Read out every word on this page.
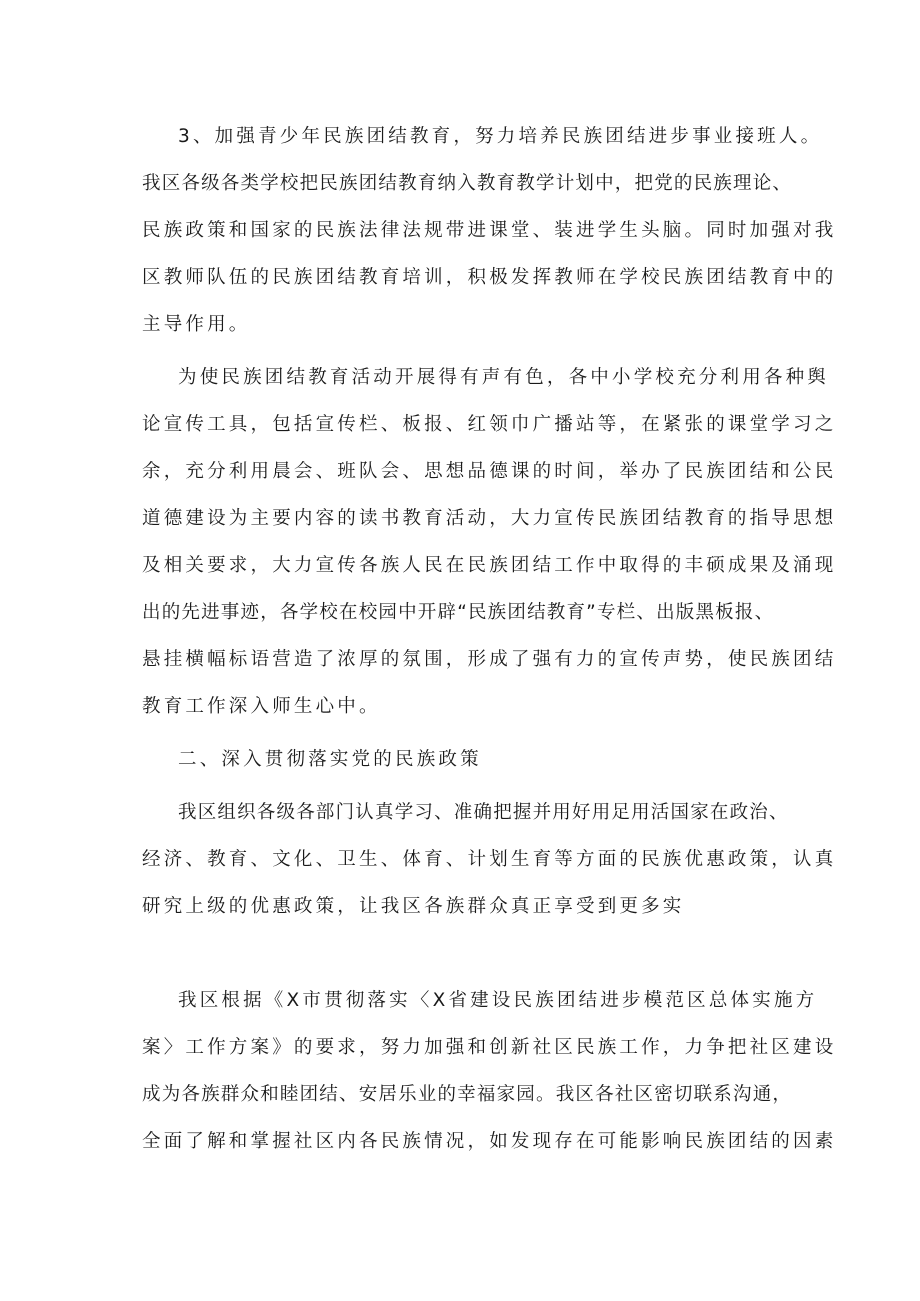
3、加强青少年民族团结教育，努力培养民族团结进步事业接班人。
我区各级各类学校把民族团结教育纳入教育教学计划中，把党的民族理论、
民族政策和国家的民族法律法规带进课堂、装进学生头脑。同时加强对我
区教师队伍的民族团结教育培训，积极发挥教师在学校民族团结教育中的
主导作用。
为使民族团结教育活动开展得有声有色，各中小学校充分利用各种舆
论宣传工具，包括宣传栏、板报、红领巾广播站等，在紧张的课堂学习之
余，充分利用晨会、班队会、思想品德课的时间，举办了民族团结和公民
道德建设为主要内容的读书教育活动，大力宣传民族团结教育的指导思想
及相关要求，大力宣传各族人民在民族团结工作中取得的丰硕成果及涌现
出的先进事迹，各学校在校园中开辟“民族团结教育”专栏、出版黑板报、
悬挂横幅标语营造了浓厚的氛围，形成了强有力的宣传声势，使民族团结
教育工作深入师生心中。
二、深入贯彻落实党的民族政策
我区组织各级各部门认真学习、准确把握并用好用足用活国家在政治、
经济、教育、文化、卫生、体育、计划生育等方面的民族优惠政策，认真
研究上级的优惠政策，让我区各族群众真正享受到更多实
我区根据《X市贯彻落实〈X省建设民族团结进步模范区总体实施方
案〉工作方案》的要求，努力加强和创新社区民族工作，力争把社区建设
成为各族群众和睦团结、安居乐业的幸福家园。我区各社区密切联系沟通，
全面了解和掌握社区内各民族情况，如发现存在可能影响民族团结的因素
